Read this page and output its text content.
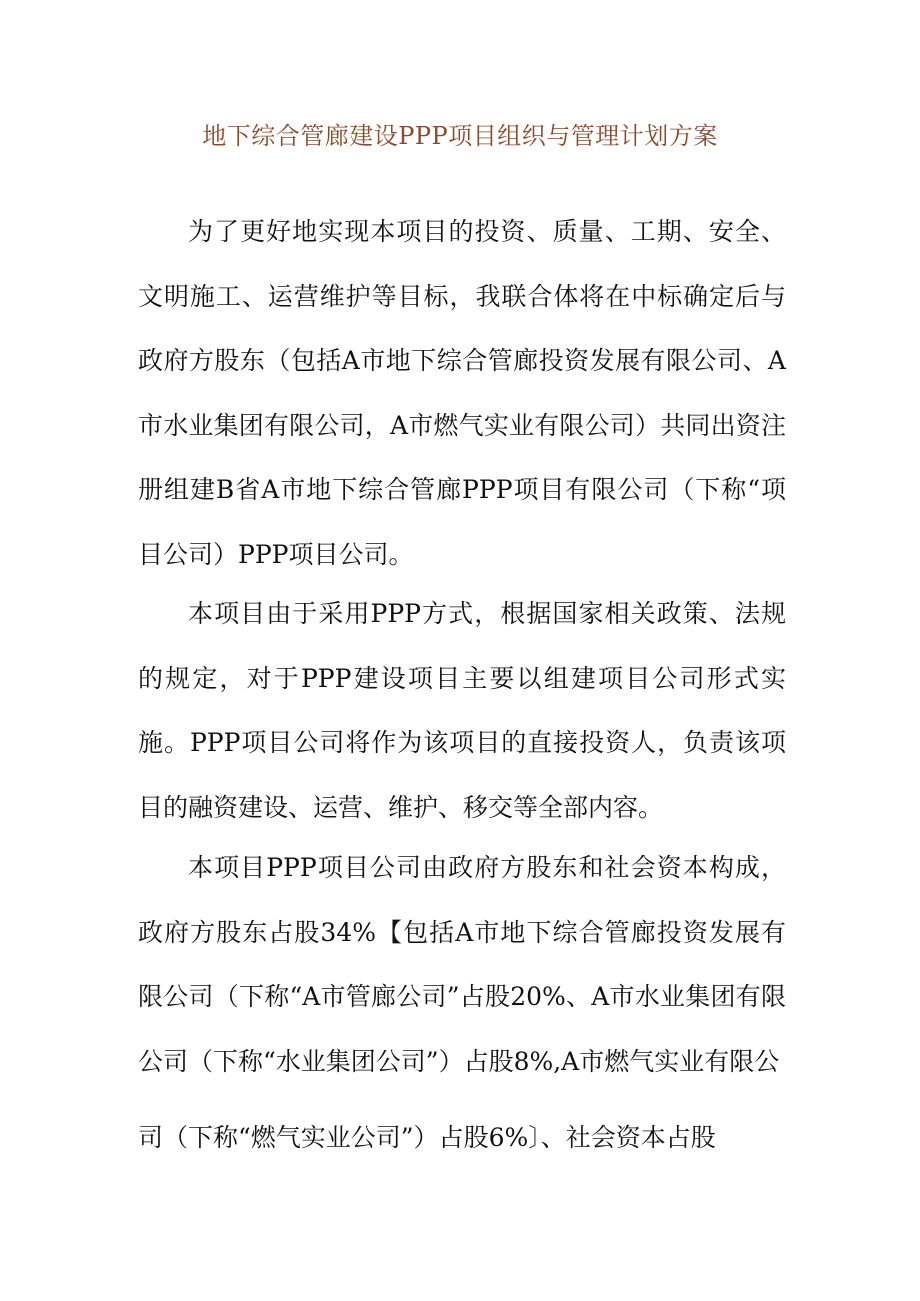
地下综合管廊建设PPP项目组织与管理计划方案

为了更好地实现本项目的投资、质量、工期、安全、文明施工、运营维护等目标，我联合体将在中标确定后与政府方股东（包括A市地下综合管廊投资发展有限公司、A市水业集团有限公司，A市燃气实业有限公司）共同出资注册组建B省A市地下综合管廊PPP项目有限公司（下称“项目公司）PPP项目公司。

本项目由于采用PPP方式，根据国家相关政策、法规的规定，对于PPP建设项目主要以组建项目公司形式实施。PPP项目公司将作为该项目的直接投资人，负责该项目的融资建设、运营、维护、移交等全部内容。

本项目PPP项目公司由政府方股东和社会资本构成，政府方股东占股34%【包括A市地下综合管廊投资发展有限公司（下称“A市管廊公司”占股20%、A市水业集团有限公司（下称“水业集团公司”）占股8%,A市燃气实业有限公

司（下称“燃气实业公司”）占股6%〕、社会资本占股
